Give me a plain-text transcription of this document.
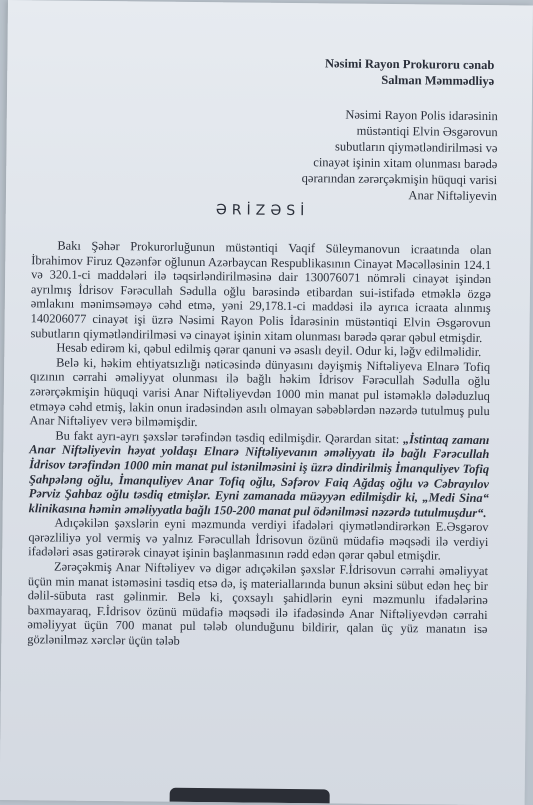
Nəsimi Rayon Prokuroru cənab
Salman Məmmədliyə
Nəsimi Rayon Polis idarəsinin
müstəntiqi Elvin Əsgərovun
subutların qiymətləndirilməsi və
cinayət işinin xitam olunması barədə
qərarından zərərçəkmişin hüquqi varisi
Anar Niftəliyevin
ƏRİZƏSİ

Bakı Şəhər Prokurorluğunun müstəntiqi Vaqif Süleymanovun icraatında olan İbrahimov Firuz Qəzənfər oğlunun Azərbaycan Respublikasının Cinayət Məcəlləsinin 124.1 və 320.1-ci maddələri ilə təqsirləndirilməsinə dair 130076071 nömrəli cinayət işindən ayrılmış İdrisov Fərəcullah Sədulla oğlu barəsində etibardan sui-istifadə etməklə özgə əmlakını mənimsəməyə cəhd etmə, yəni 29,178.1-ci maddəsi ilə ayrıca icraata alınmış 140206077 cinayət işi üzrə Nəsimi Rayon Polis İdarəsinin müstəntiqi Elvin Əsgərovun subutların qiymətləndirilməsi və cinayət işinin xitam olunması barədə qərar qəbul etmişdir.

Hesab edirəm ki, qəbul edilmiş qərar qanuni və əsaslı deyil. Odur ki, ləğv edilməlidir.

Belə ki, həkim ehtiyatsızlığı nəticəsində dünyasını dəyişmiş Niftəliyeva Elnarə Tofiq qızının cərrahi əməliyyat olunması ilə bağlı həkim İdrisov Fərəcullah Sədulla oğlu zərərçəkmişin hüquqi varisi Anar Niftəliyevdən 1000 min manat pul istəməklə dələduzluq etməyə cəhd etmiş, lakin onun iradəsindən asılı olmayan səbəblərdən nəzərdə tutulmuş pulu Anar Niftəliyev verə bilməmişdir.

Bu fakt ayrı-ayrı şəxslər tərəfindən təsdiq edilmişdir. Qərardan sitat: „İstintaq zamanı Anar Niftəliyevin həyat yoldaşı Elnarə Niftəliyevanın əməliyyatı ilə bağlı Fərəcullah İdrisov tərəfindən 1000 min manat pul istənilməsini iş üzrə dindirilmiş İmanquliyev Tofiq Şahpələng oğlu, İmanquliyev Anar Tofiq oğlu, Səfərov Faiq Ağdaş oğlu və Cəbrayılov Pərviz Şahbaz oğlu təsdiq etmişlər. Eyni zamanada müəyyən edilmişdir ki, „Medi Sina“ klinikasına həmin əməliyyatla bağlı 150-200 manat pul ödənilməsi nəzərdə tutulmuşdur“.

Adıçəkilən şəxslərin eyni məzmunda verdiyi ifadələri qiymətləndirərkən E.Əsgərov qərəzliliyə yol vermiş və yalnız Fərəcullah İdrisovun özünü müdafiə məqsədi ilə verdiyi ifadələri əsas gətirərək cinayət işinin başlanmasının rədd edən qərar qəbul etmişdir.

Zərəçəkmiş Anar Niftəliyev və digər adıçəkilən şəxslər F.İdrisovun cərrahi əməliyyat üçün min manat istəməsini təsdiq etsə də, iş materiallarında bunun əksini sübut edən heç bir dəlil-sübuta rast gəlinmir. Belə ki, çoxsaylı şahidlərin eyni məzmunlu ifadələrinə baxmayaraq, F.İdrisov özünü müdafiə məqsədi ilə ifadəsində Anar Niftəliyevdən cərrahi əməliyyat üçün 700 manat pul tələb olunduğunu bildirir, qalan üç yüz manatın isə gözlənilməz xərclər üçün tələb
